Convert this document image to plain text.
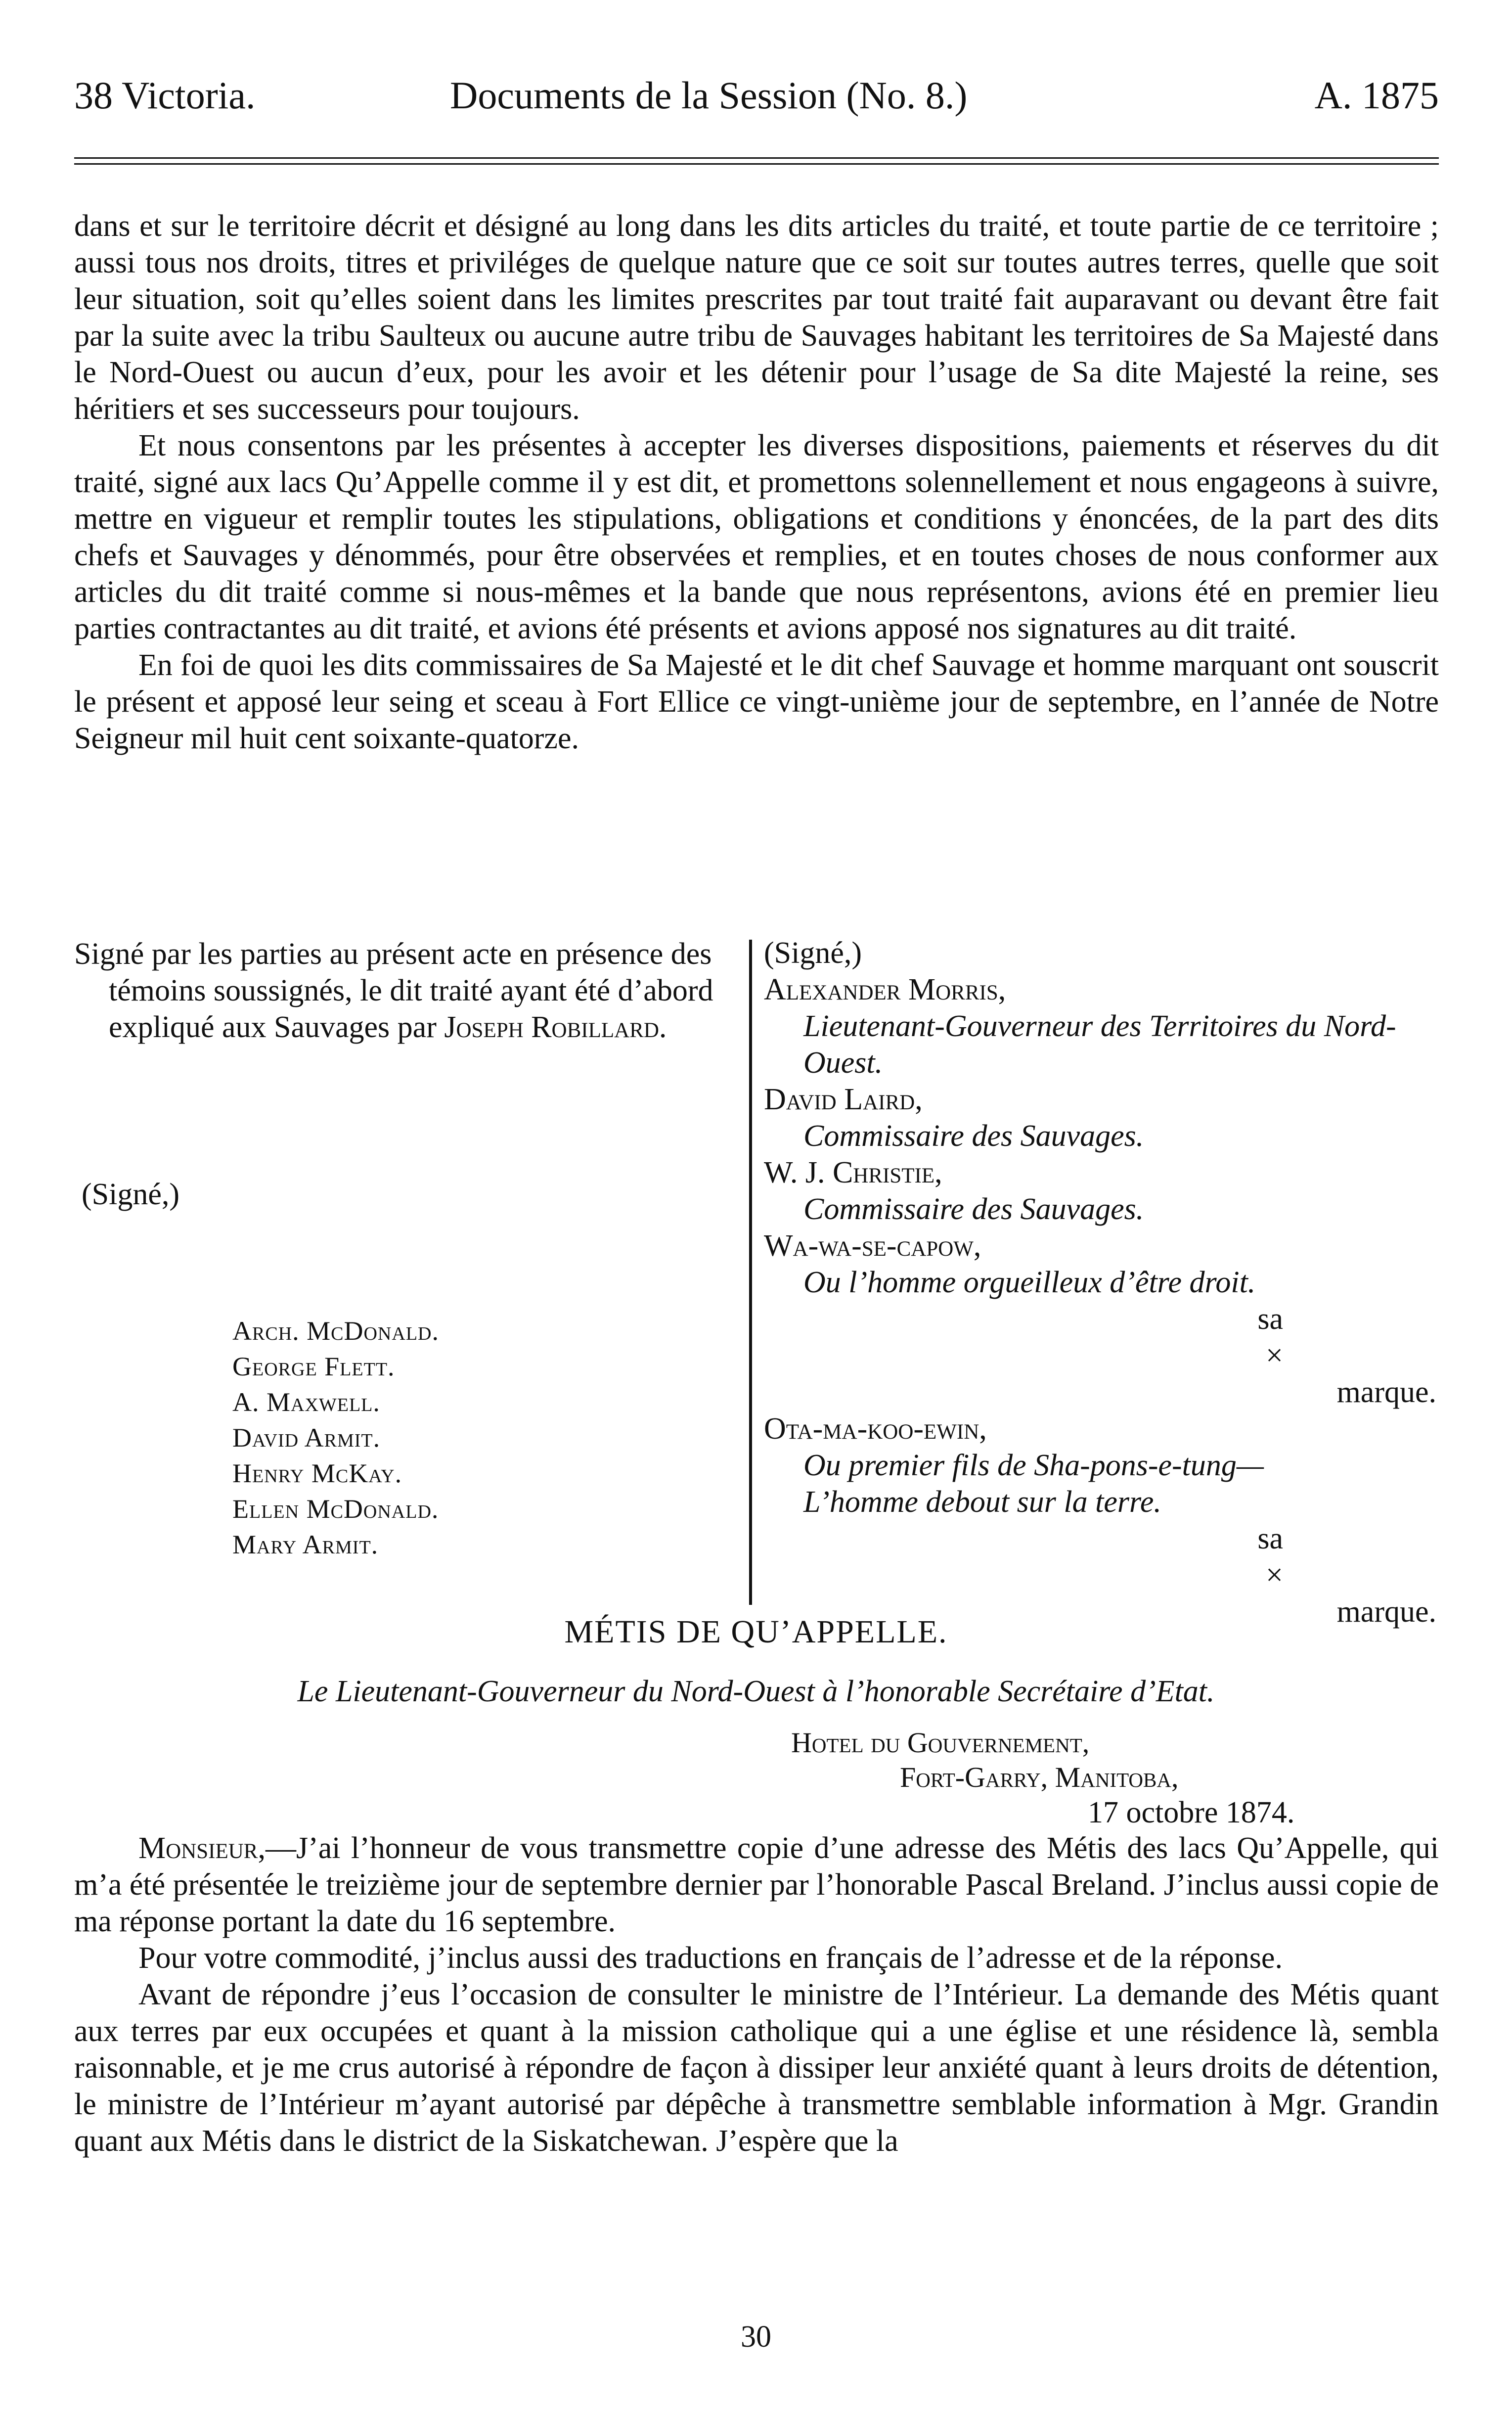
38 Victoria.	Documents de la Session (No. 8.)	A. 1875

dans et sur le territoire décrit et désigné au long dans les dits articles du traité, et toute partie de ce territoire ; aussi tous nos droits, titres et priviléges de quelque nature que ce soit sur toutes autres terres, quelle que soit leur situation, soit qu’elles soient dans les limites prescrites par tout traité fait auparavant ou devant être fait par la suite avec la tribu Saulteux ou aucune autre tribu de Sauvages habitant les territoires de Sa Majesté dans le Nord-Ouest ou aucun d’eux, pour les avoir et les détenir pour l’usage de Sa dite Majesté la reine, ses héritiers et ses successeurs pour toujours.

Et nous consentons par les présentes à accepter les diverses dispositions, paiements et réserves du dit traité, signé aux lacs Qu’Appelle comme il y est dit, et promettons solennellement et nous engageons à suivre, mettre en vigueur et remplir toutes les stipulations, obligations et conditions y énoncées, de la part des dits chefs et Sauvages y dénommés, pour être observées et remplies, et en toutes choses de nous conformer aux articles du dit traité comme si nous-mêmes et la bande que nous représentons, avions été en premier lieu parties contractantes au dit traité, et avions été présents et avions apposé nos signatures au dit traité.

En foi de quoi les dits commissaires de Sa Majesté et le dit chef Sauvage et homme marquant ont souscrit le présent et apposé leur seing et sceau à Fort Ellice ce vingt-unième jour de septembre, en l’année de Notre Seigneur mil huit cent soixante-quatorze.

Signé par les parties au présent acte en présence des témoins soussignés, le dit traité ayant été d’abord expliqué aux Sauvages par Joseph Robillard.

(Signé,)
Arch. McDonald.
George Flett.
A. Maxwell.
David Armit.
Henry McKay.
Ellen McDonald.
Mary Armit.
(Signé,)
Alexander Morris,
Lieutenant-Gouverneur des Territoires du Nord-Ouest.
David Laird,
Commissaire des Sauvages.
W. J. Christie,
Commissaire des Sauvages.
Wa-wa-se-capow,
Ou l’homme orgueilleux d’être droit.
sa
×
marque.
Ota-ma-koo-ewin,
Ou premier fils de Sha-pons-e-tung—
L’homme debout sur la terre.
sa
×
marque.
MÉTIS DE QU’APPELLE.
Le Lieutenant-Gouverneur du Nord-Ouest à l’honorable Secrétaire d’Etat.
Hotel du Gouvernement,
Fort-Garry, Manitoba,
17 octobre 1874.

Monsieur,—J’ai l’honneur de vous transmettre copie d’une adresse des Métis des lacs Qu’Appelle, qui m’a été présentée le treizième jour de septembre dernier par l’honorable Pascal Breland. J’inclus aussi copie de ma réponse portant la date du 16 septembre.

Pour votre commodité, j’inclus aussi des traductions en français de l’adresse et de la réponse.

Avant de répondre j’eus l’occasion de consulter le ministre de l’Intérieur. La demande des Métis quant aux terres par eux occupées et quant à la mission catholique qui a une église et une résidence là, sembla raisonnable, et je me crus autorisé à répondre de façon à dissiper leur anxiété quant à leurs droits de détention, le ministre de l’Intérieur m’ayant autorisé par dépêche à transmettre semblable information à Mgr. Grandin quant aux Métis dans le district de la Siskatchewan. J’espère que la

30
